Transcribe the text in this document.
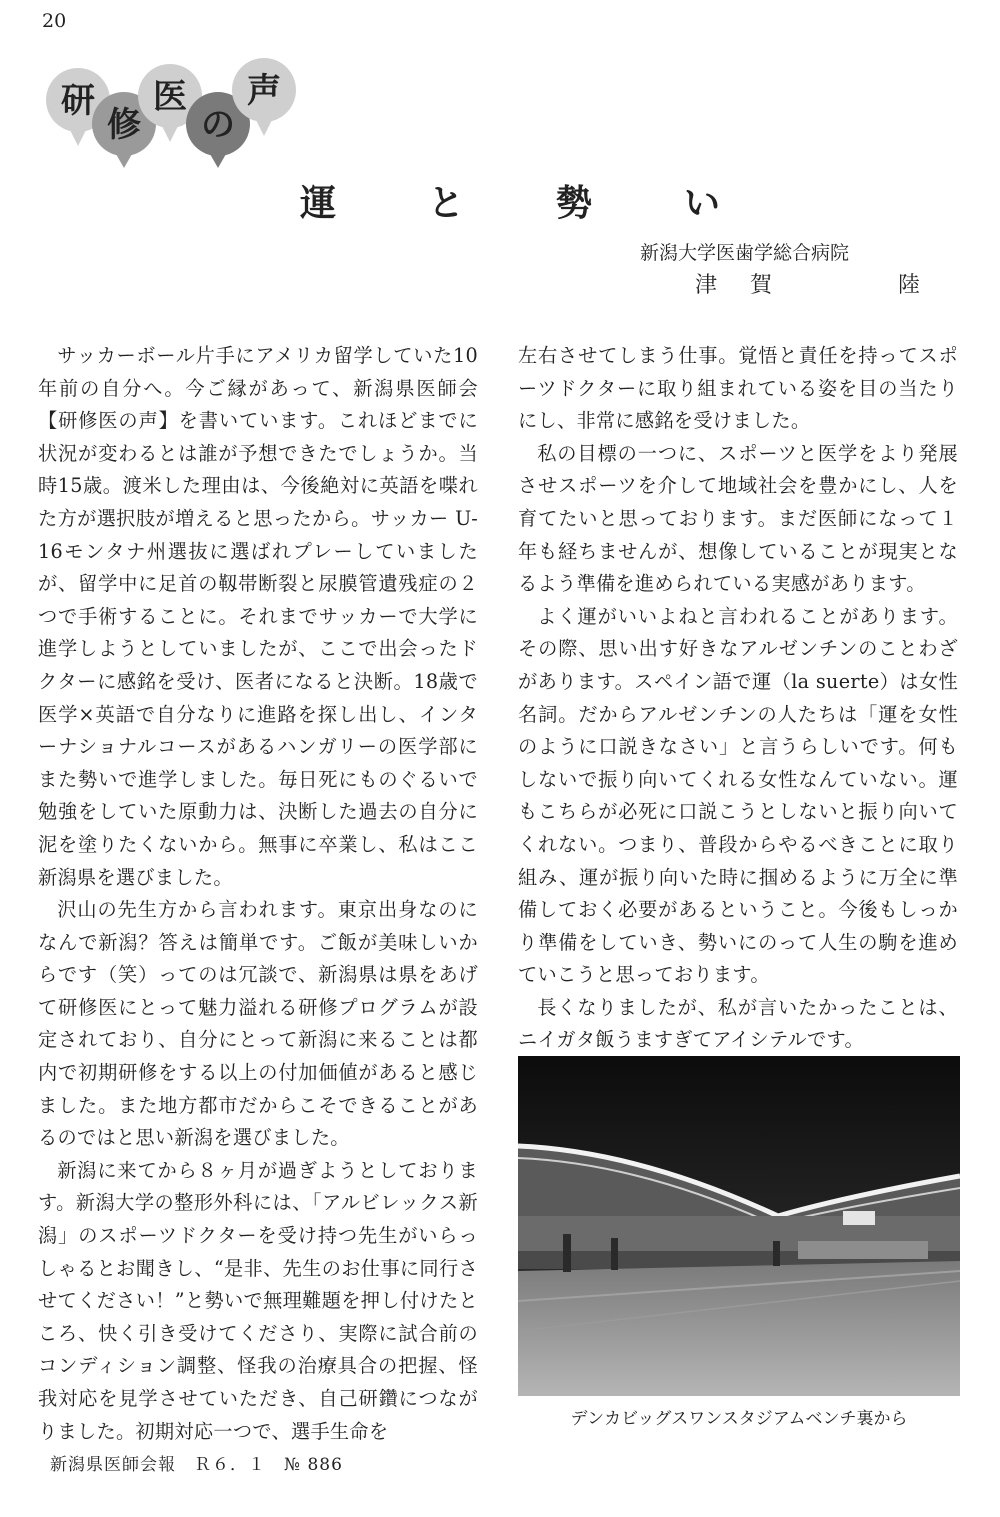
20
研
修
医
の
声
運	と	勢	い
新潟大学医歯学総合病院
津 賀	陸

サッカーボール片手にアメリカ留学していた10年前の自分へ。今ご縁があって、新潟県医師会【研修医の声】を書いています。これほどまでに状況が変わるとは誰が予想できたでしょうか。当時15歳。渡米した理由は、今後絶対に英語を喋れた方が選択肢が増えると思ったから。サッカー U-16モンタナ州選抜に選ばれプレーしていましたが、留学中に足首の靱帯断裂と尿膜管遺残症の２つで手術することに。それまでサッカーで大学に進学しようとしていましたが、ここで出会ったドクターに感銘を受け、医者になると決断。18歳で医学×英語で自分なりに進路を探し出し、インターナショナルコースがあるハンガリーの医学部にまた勢いで進学しました。毎日死にものぐるいで勉強をしていた原動力は、決断した過去の自分に泥を塗りたくないから。無事に卒業し、私はここ新潟県を選びました。

沢山の先生方から言われます。東京出身なのになんで新潟？答えは簡単です。ご飯が美味しいからです（笑）ってのは冗談で、新潟県は県をあげて研修医にとって魅力溢れる研修プログラムが設定されており、自分にとって新潟に来ることは都内で初期研修をする以上の付加価値があると感じました。また地方都市だからこそできることがあるのではと思い新潟を選びました。

新潟に来てから８ヶ月が過ぎようとしております。新潟大学の整形外科には、「アルビレックス新潟」のスポーツドクターを受け持つ先生がいらっしゃるとお聞きし、“是非、先生のお仕事に同行させてください！”と勢いで無理難題を押し付けたところ、快く引き受けてくださり、実際に試合前のコンディション調整、怪我の治療具合の把握、怪我対応を見学させていただき、自己研鑽につながりました。初期対応一つで、選手生命を

左右させてしまう仕事。覚悟と責任を持ってスポーツドクターに取り組まれている姿を目の当たりにし、非常に感銘を受けました。

私の目標の一つに、スポーツと医学をより発展させスポーツを介して地域社会を豊かにし、人を育てたいと思っております。まだ医師になって１年も経ちませんが、想像していることが現実となるよう準備を進められている実感があります。

よく運がいいよねと言われることがあります。その際、思い出す好きなアルゼンチンのことわざがあります。スペイン語で運（la suerte）は女性名詞。だからアルゼンチンの人たちは「運を女性のように口説きなさい」と言うらしいです。何もしないで振り向いてくれる女性なんていない。運もこちらが必死に口説こうとしないと振り向いてくれない。つまり、普段からやるべきことに取り組み、運が振り向いた時に掴めるように万全に準備しておく必要があるということ。今後もしっかり準備をしていき、勢いにのって人生の駒を進めていこうと思っております。

長くなりましたが、私が言いたかったことは、ニイガタ飯うますぎてアイシテルです。

デンカビッグスワンスタジアムベンチ裏から
新潟県医師会報　Ｒ６．１　№ 886
